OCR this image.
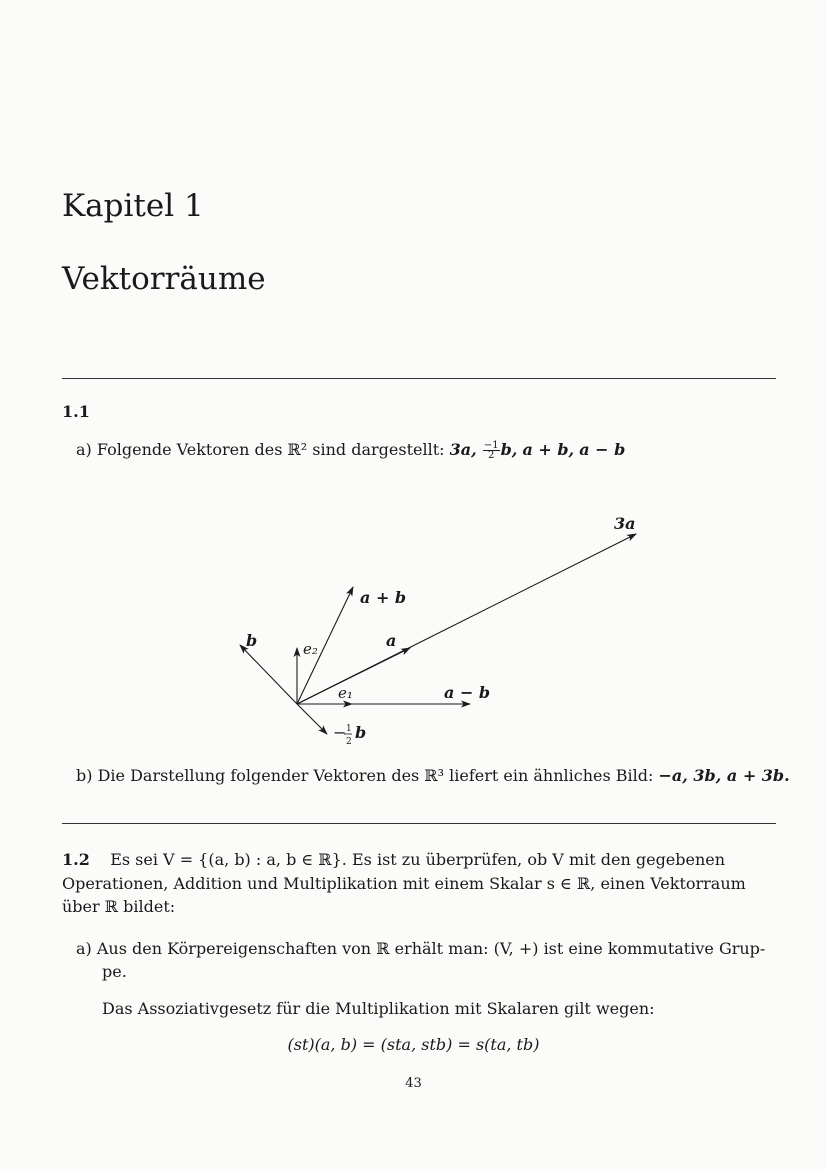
Kapitel 1
Vektorräume
1.1
a) Folgende Vektoren des ℝ² sind dargestellt: 3a, $\frac{-1}{2} b$, a + b, a − b
3a
a + b
a
b	e₂
e₁	a − b
− 1
2 b
b) Die Darstellung folgender Vektoren des ℝ³ liefert ein ähnliches Bild: −a, 3b, a + 3b.
1.2 Es sei V = {(a, b) : a, b ∈ ℝ}. Es ist zu überprüfen, ob V mit den gegebenen
Operationen, Addition und Multiplikation mit einem Skalar s ∈ ℝ, einen Vektorraum
über ℝ bildet:
a) Aus den Körpereigenschaften von ℝ erhält man: (V, +) ist eine kommutative Grup-
pe.
Das Assoziativgesetz für die Multiplikation mit Skalaren gilt wegen:
(st)(a, b) = (sta, stb) = s(ta, tb)
43
